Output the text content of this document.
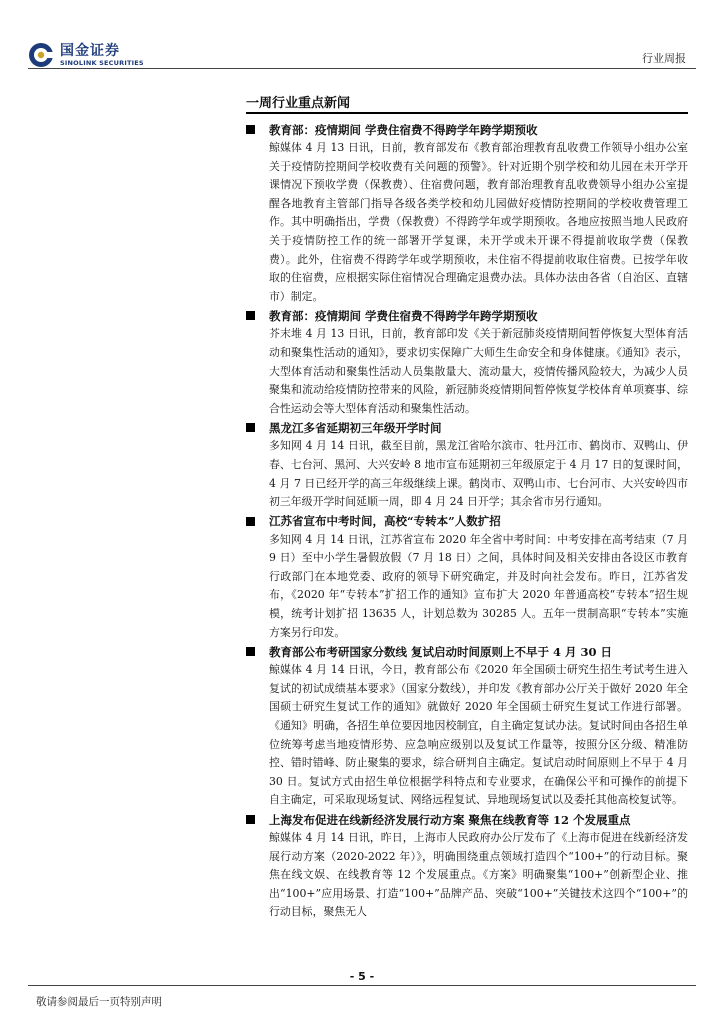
国金证券
SINOLINK SECURITIES	行业周报
一周行业重点新闻
教育部：疫情期间 学费住宿费不得跨学年跨学期预收
鲸媒体 4 月 13 日讯，日前，教育部发布《教育部治理教育乱收费工作领导小组办公室关于疫情防控期间学校收费有关问题的预警》。针对近期个别学校和幼儿园在未开学开课情况下预收学费（保教费）、住宿费问题，教育部治理教育乱收费领导小组办公室提醒各地教育主管部门指导各级各类学校和幼儿园做好疫情防控期间的学校收费管理工作。其中明确指出，学费（保教费）不得跨学年或学期预收。各地应按照当地人民政府关于疫情防控工作的统一部署开学复课，未开学或未开课不得提前收取学费（保教费）。此外，住宿费不得跨学年或学期预收，未住宿不得提前收取住宿费。已按学年收取的住宿费，应根据实际住宿情况合理确定退费办法。具体办法由各省（自治区、直辖市）制定。
教育部：疫情期间 学费住宿费不得跨学年跨学期预收
芥末堆 4 月 13 日讯，日前，教育部印发《关于新冠肺炎疫情期间暂停恢复大型体育活动和聚集性活动的通知》，要求切实保障广大师生生命安全和身体健康。《通知》表示，大型体育活动和聚集性活动人员集散量大、流动量大，疫情传播风险较大，为减少人员聚集和流动给疫情防控带来的风险，新冠肺炎疫情期间暂停恢复学校体育单项赛事、综合性运动会等大型体育活动和聚集性活动。
黑龙江多省延期初三年级开学时间
多知网 4 月 14 日讯，截至目前，黑龙江省哈尔滨市、牡丹江市、鹤岗市、双鸭山、伊春、七台河、黑河、大兴安岭 8 地市宣布延期初三年级原定于 4 月 17 日的复课时间，4 月 7 日已经开学的高三年级继续上课。鹤岗市、双鸭山市、七台河市、大兴安岭四市初三年级开学时间延顺一周，即 4 月 24 日开学；其余省市另行通知。
江苏省宣布中考时间，高校“专转本”人数扩招
多知网 4 月 14 日讯，江苏省宣布 2020 年全省中考时间：中考安排在高考结束（7 月 9 日）至中小学生暑假放假（7 月 18 日）之间，具体时间及相关安排由各设区市教育行政部门在本地党委、政府的领导下研究确定，并及时向社会发布。昨日，江苏省发布，《2020 年“专转本”扩招工作的通知》宣布扩大 2020 年普通高校“专转本”招生规模，统考计划扩招 13635 人，计划总数为 30285 人。五年一贯制高职“专转本”实施方案另行印发。
教育部公布考研国家分数线 复试启动时间原则上不早于 4 月 30 日
鲸媒体 4 月 14 日讯，今日，教育部公布《2020 年全国硕士研究生招生考试考生进入复试的初试成绩基本要求》（国家分数线），并印发《教育部办公厅关于做好 2020 年全国硕士研究生复试工作的通知》就做好 2020 年全国硕士研究生复试工作进行部署。《通知》明确，各招生单位要因地因校制宜，自主确定复试办法。复试时间由各招生单位统筹考虑当地疫情形势、应急响应级别以及复试工作量等，按照分区分级、精准防控、错时错峰、防止聚集的要求，综合研判自主确定。复试启动时间原则上不早于 4 月 30 日。复试方式由招生单位根据学科特点和专业要求，在确保公平和可操作的前提下自主确定，可采取现场复试、网络远程复试、异地现场复试以及委托其他高校复试等。
上海发布促进在线新经济发展行动方案 聚焦在线教育等 12 个发展重点
鲸媒体 4 月 14 日讯，昨日，上海市人民政府办公厅发布了《上海市促进在线新经济发展行动方案（2020-2022 年）》，明确围绕重点领域打造四个“100+”的行动目标。聚焦在线文娱、在线教育等 12 个发展重点。《方案》明确聚集“100+”创新型企业、推出“100+”应用场景、打造“100+”品牌产品、突破“100+”关键技术这四个“100+”的行动目标，聚焦无人
- 5 -
敬请参阅最后一页特别声明
